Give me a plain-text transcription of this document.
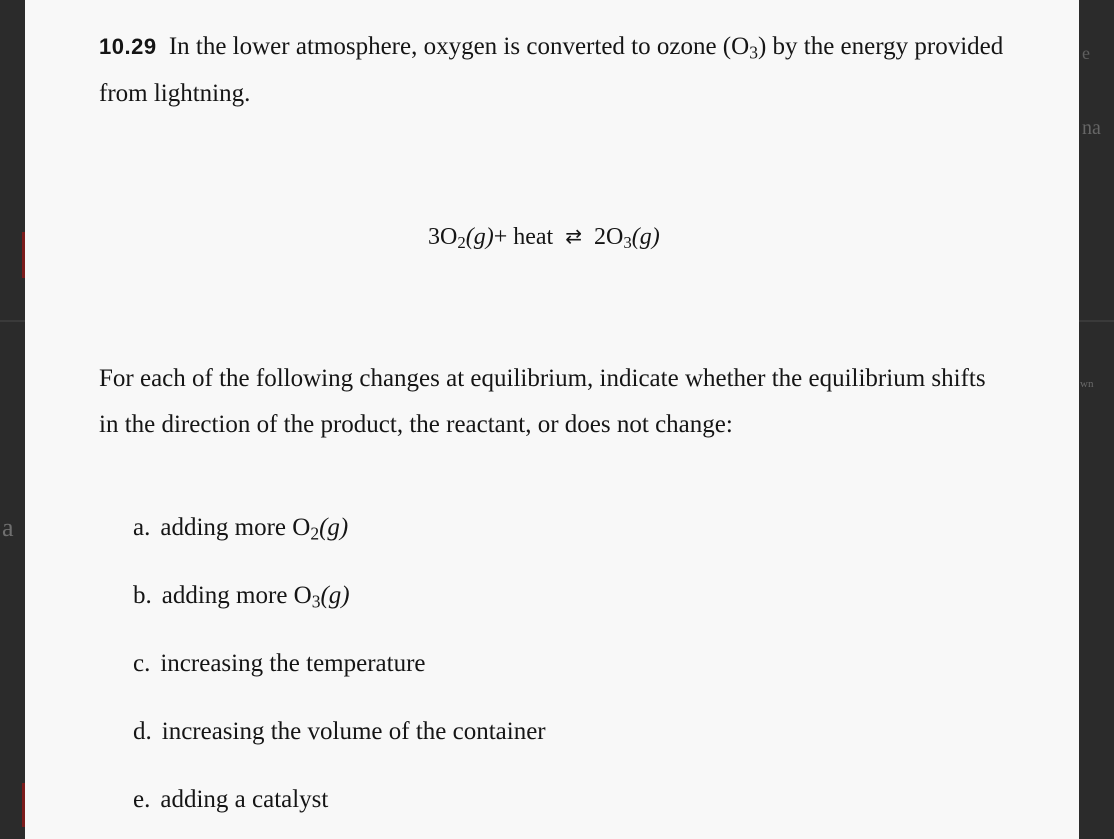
a
e
na
wn
10.29 In the lower atmosphere, oxygen is converted to ozone $(O_3)$ by the energy provided
from lightning.
$3O_2(g)+$ heat ⇄ $2O_3(g)$
For each of the following changes at equilibrium, indicate whether the equilibrium shifts
in the direction of the product, the reactant, or does not change:
a. adding more $O_2(g)$
b. adding more $O_3(g)$
c. increasing the temperature
d. increasing the volume of the container
e. adding a catalyst
